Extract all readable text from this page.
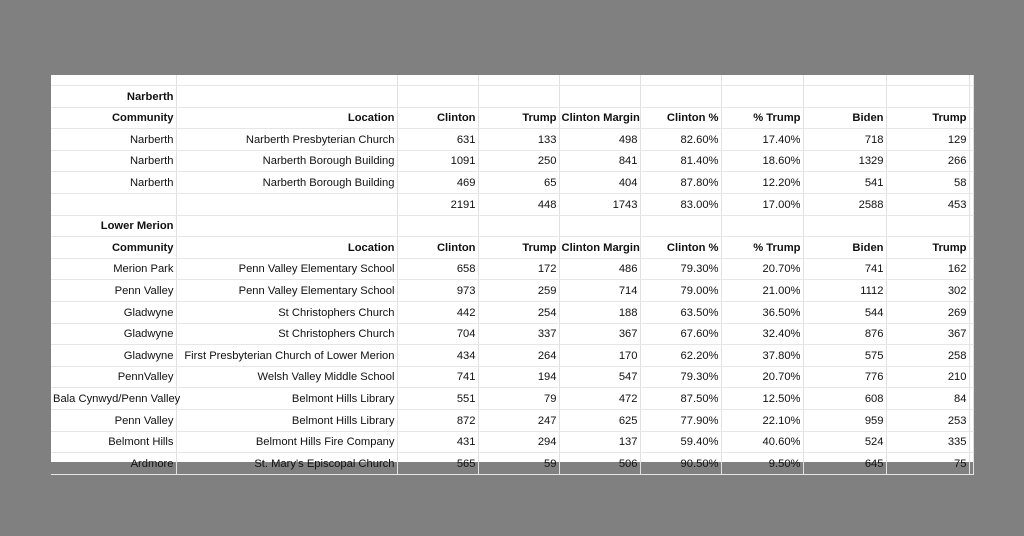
Narberth									
Community	Location	Clinton	Trump	Clinton Margin	Clinton %	% Trump	Biden	Trump	
Narberth	Narberth Presbyterian Church	631	133	498	82.60%	17.40%	718	129	
Narberth	Narberth Borough Building	1091	250	841	81.40%	18.60%	1329	266	
Narberth	Narberth Borough Building	469	65	404	87.80%	12.20%	541	58	
		2191	448	1743	83.00%	17.00%	2588	453	
Lower Merion									
Community	Location	Clinton	Trump	Clinton Margin	Clinton %	% Trump	Biden	Trump	
Merion Park	Penn Valley Elementary School	658	172	486	79.30%	20.70%	741	162	
Penn Valley	Penn Valley Elementary School	973	259	714	79.00%	21.00%	1112	302	
Gladwyne	St Christophers Church	442	254	188	63.50%	36.50%	544	269	
Gladwyne	St Christophers Church	704	337	367	67.60%	32.40%	876	367	
Gladwyne	First Presbyterian Church of Lower Merion	434	264	170	62.20%	37.80%	575	258	
PennValley	Welsh Valley Middle School	741	194	547	79.30%	20.70%	776	210	
Bala Cynwyd/Penn Valley	Belmont Hills Library	551	79	472	87.50%	12.50%	608	84	
Penn Valley	Belmont Hills Library	872	247	625	77.90%	22.10%	959	253	
Belmont Hills	Belmont Hills Fire Company	431	294	137	59.40%	40.60%	524	335	
Ardmore	St. Mary's Episcopal Church	565	59	506	90.50%	9.50%	645	75	
